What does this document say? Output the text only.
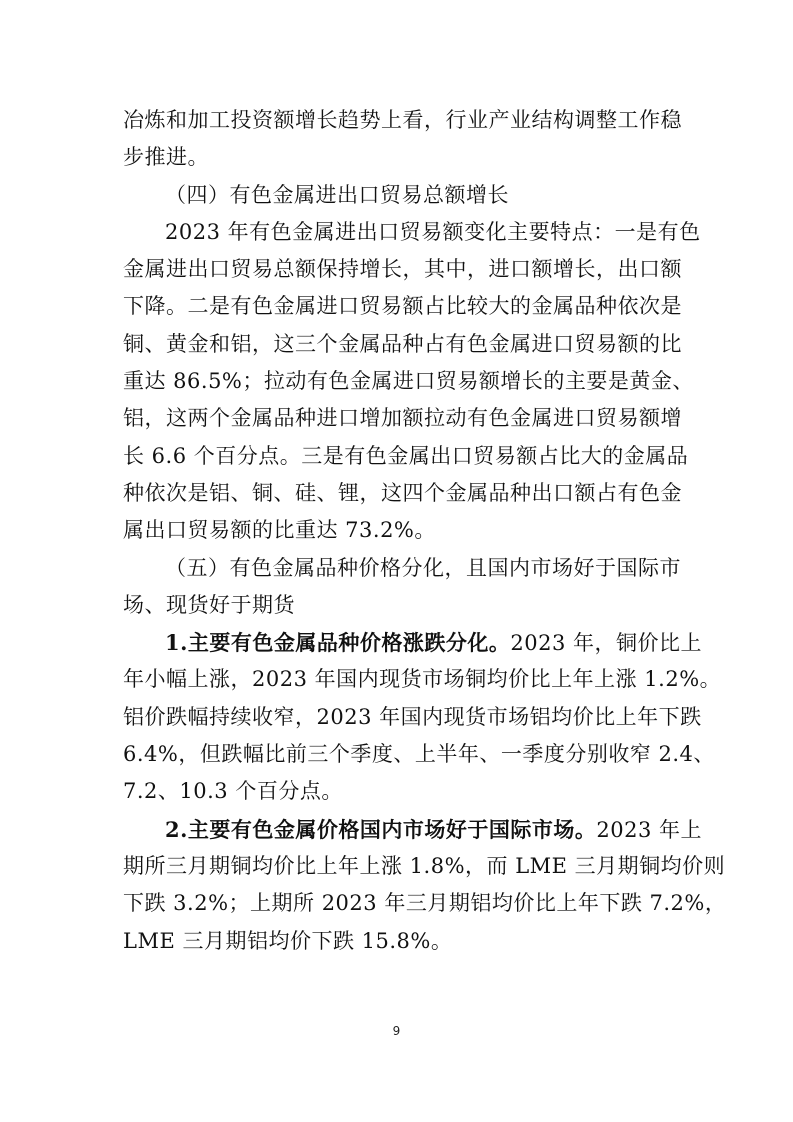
冶炼和加工投资额增长趋势上看，行业产业结构调整工作稳
步推进。
（四）有色金属进出口贸易总额增长
2023 年有色金属进出口贸易额变化主要特点：一是有色
金属进出口贸易总额保持增长，其中，进口额增长，出口额
下降。二是有色金属进口贸易额占比较大的金属品种依次是
铜、黄金和铝，这三个金属品种占有色金属进口贸易额的比
重达 86.5%；拉动有色金属进口贸易额增长的主要是黄金、
铝，这两个金属品种进口增加额拉动有色金属进口贸易额增
长 6.6 个百分点。三是有色金属出口贸易额占比大的金属品
种依次是铝、铜、硅、锂，这四个金属品种出口额占有色金
属出口贸易额的比重达 73.2%。
（五）有色金属品种价格分化，且国内市场好于国际市
场、现货好于期货
1.主要有色金属品种价格涨跌分化。2023 年，铜价比上
年小幅上涨，2023 年国内现货市场铜均价比上年上涨 1.2%。
铝价跌幅持续收窄，2023 年国内现货市场铝均价比上年下跌
6.4%，但跌幅比前三个季度、上半年、一季度分别收窄 2.4、
7.2、10.3 个百分点。
2.主要有色金属价格国内市场好于国际市场。2023 年上
期所三月期铜均价比上年上涨 1.8%，而 LME 三月期铜均价则
下跌 3.2%；上期所 2023 年三月期铝均价比上年下跌 7.2%，
LME 三月期铝均价下跌 15.8%。
9
